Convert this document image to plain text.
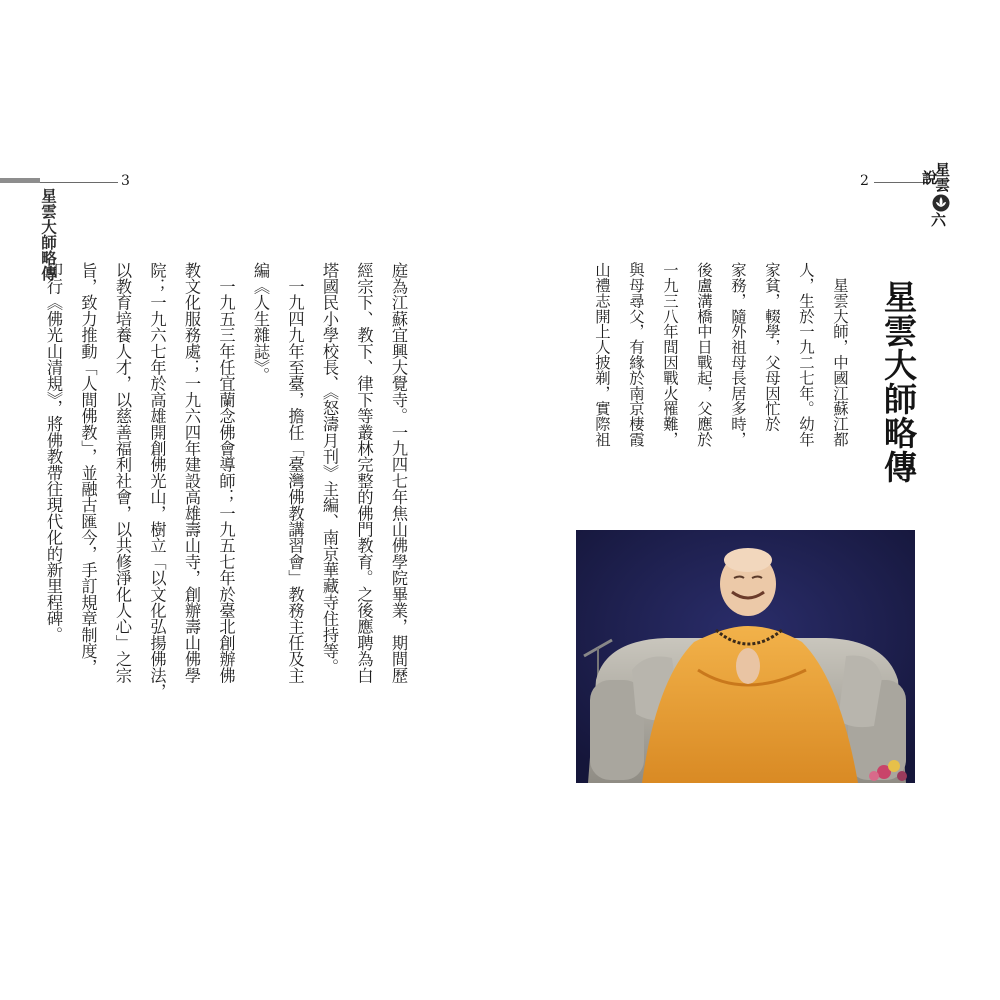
3
星雲大師略傳
2
星雲
說
六
星雲大師略傳
　星雲大師，中國江蘇江都
人，生於一九二七年。幼年
家貧，輟學，父母因忙於
家務，隨外祖母長居多時，
後盧溝橋中日戰起，父應於
一九三八年間因戰火罹難，
與母尋父，有緣於南京棲霞
山禮志開上人披剃，實際祖
庭為江蘇宜興大覺寺。一九四七年焦山佛學院畢業，期間歷
經宗下、教下、律下等叢林完整的佛門教育。之後應聘為白
塔國民小學校長、《怒濤月刊》主編、南京華藏寺住持等。
　一九四九年至臺，擔任「臺灣佛教講習會」教務主任及主
編《人生雜誌》。
　一九五三年任宜蘭念佛會導師；一九五七年於臺北創辦佛
教文化服務處；一九六四年建設高雄壽山寺，創辦壽山佛學
院；一九六七年於高雄開創佛光山，樹立「以文化弘揚佛法，
以教育培養人才，以慈善福利社會，以共修淨化人心」之宗
旨，致力推動「人間佛教」，並融古匯今，手訂規章制度，
印行《佛光山清規》，將佛教帶往現代化的新里程碑。
